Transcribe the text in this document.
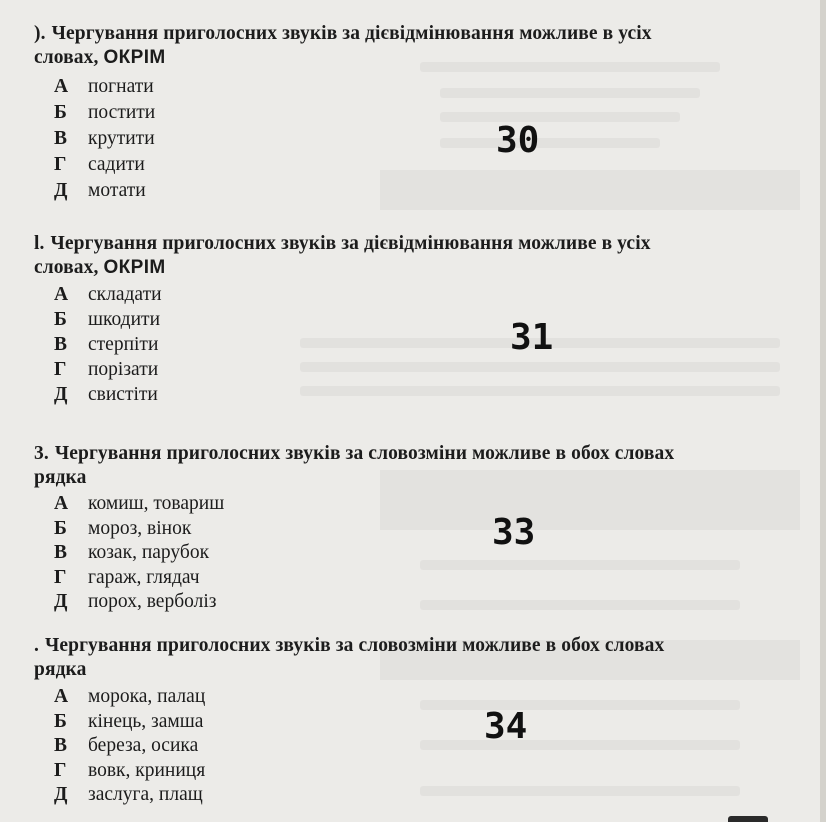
). Чергування приголосних звуків за дієвідмінювання можливе в усіх
словах, ОКРІМ
А погнати
Б постити
В крутити
Г садити
Д мотати
30
l. Чергування приголосних звуків за дієвідмінювання можливе в усіх
словах, ОКРІМ
А складати
Б шкодити
В стерпіти
Г порізати
Д свистіти
31
3. Чергування приголосних звуків за словозміни можливе в обох словах
рядка
А комиш, товариш
Б мороз, вінок
В козак, парубок
Г гараж, глядач
Д порох, верболіз
33
. Чергування приголосних звуків за словозміни можливе в обох словах
рядка
А морока, палац
Б кінець, замша
В береза, осика
Г вовк, криниця
Д заслуга, плащ
34
